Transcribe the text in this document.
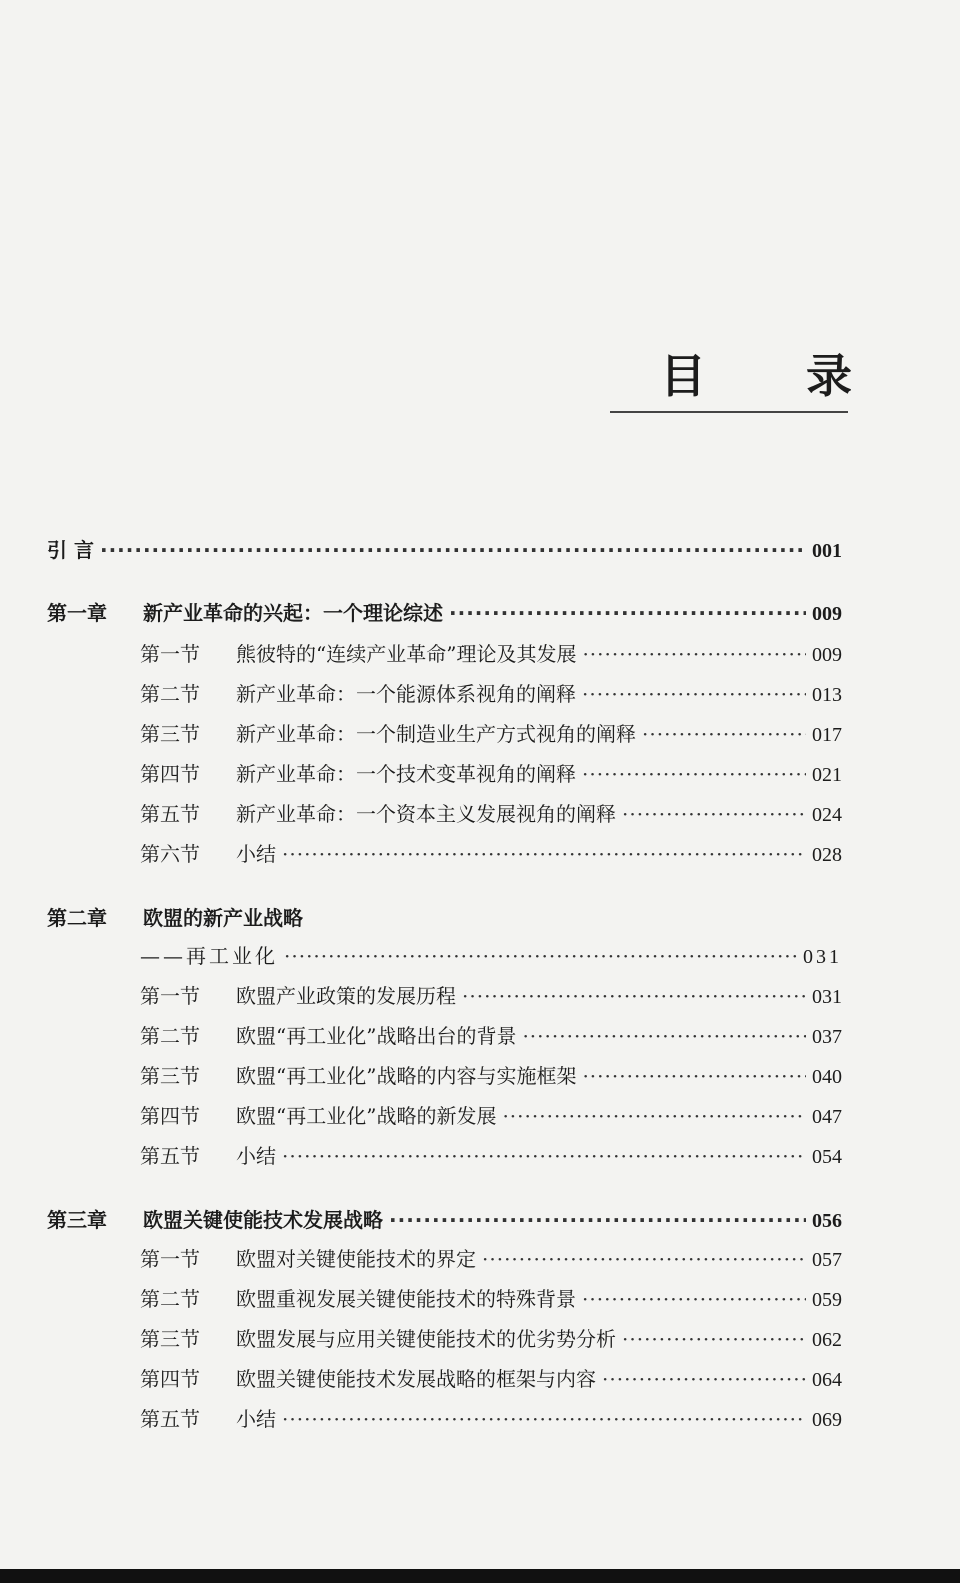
目 录
引 言 ·····	001
第一章	新产业革命的兴起：一个理论综述 ·····	009
第一节	熊彼特的“连续产业革命”理论及其发展 ·····	009
第二节	新产业革命：一个能源体系视角的阐释 ·····	013
第三节	新产业革命：一个制造业生产方式视角的阐释 ·····	017
第四节	新产业革命：一个技术变革视角的阐释 ·····	021
第五节	新产业革命：一个资本主义发展视角的阐释 ·····	024
第六节	小结 ·····	028
第二章	欧盟的新产业战略
——再工业化 ·····	031
第一节	欧盟产业政策的发展历程 ·····	031
第二节	欧盟“再工业化”战略出台的背景 ·····	037
第三节	欧盟“再工业化”战略的内容与实施框架 ·····	040
第四节	欧盟“再工业化”战略的新发展 ·····	047
第五节	小结 ·····	054
第三章	欧盟关键使能技术发展战略 ·····	056
第一节	欧盟对关键使能技术的界定 ·····	057
第二节	欧盟重视发展关键使能技术的特殊背景 ·····	059
第三节	欧盟发展与应用关键使能技术的优劣势分析 ·····	062
第四节	欧盟关键使能技术发展战略的框架与内容 ·····	064
第五节	小结 ·····	069
